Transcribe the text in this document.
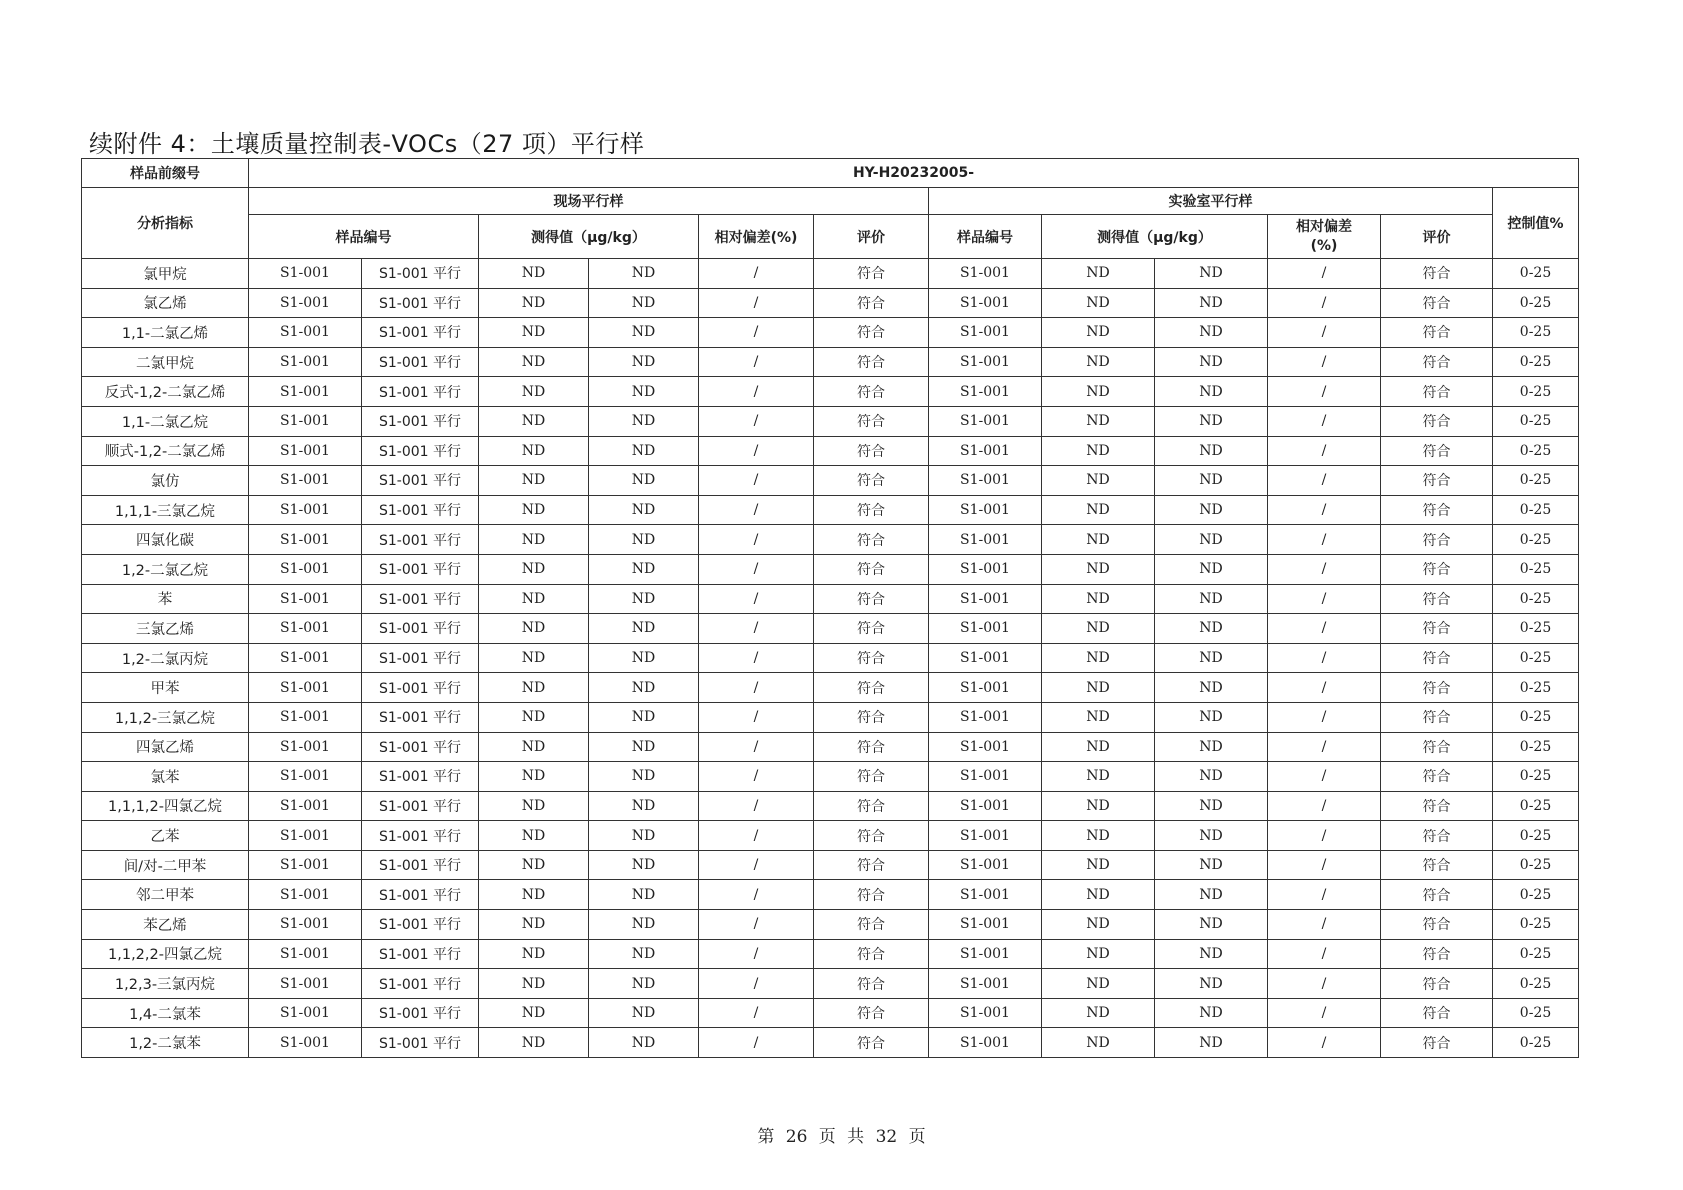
续附件 4：土壤质量控制表-VOCs（27 项）平行样
样品前缀号	HY-H20232005-											
分析指标	现场平行样						实验室平行样					控制值%
	样品编号		测得值（μg/kg）		相对偏差(%)	评价	样品编号	测得值（μg/kg）		相对偏差(%)	评价	
氯甲烷	S1-001	S1-001 平行	ND	ND	/	符合	S1-001	ND	ND	/	符合	0-25
氯乙烯	S1-001	S1-001 平行	ND	ND	/	符合	S1-001	ND	ND	/	符合	0-25
1,1-二氯乙烯	S1-001	S1-001 平行	ND	ND	/	符合	S1-001	ND	ND	/	符合	0-25
二氯甲烷	S1-001	S1-001 平行	ND	ND	/	符合	S1-001	ND	ND	/	符合	0-25
反式-1,2-二氯乙烯	S1-001	S1-001 平行	ND	ND	/	符合	S1-001	ND	ND	/	符合	0-25
1,1-二氯乙烷	S1-001	S1-001 平行	ND	ND	/	符合	S1-001	ND	ND	/	符合	0-25
顺式-1,2-二氯乙烯	S1-001	S1-001 平行	ND	ND	/	符合	S1-001	ND	ND	/	符合	0-25
氯仿	S1-001	S1-001 平行	ND	ND	/	符合	S1-001	ND	ND	/	符合	0-25
1,1,1-三氯乙烷	S1-001	S1-001 平行	ND	ND	/	符合	S1-001	ND	ND	/	符合	0-25
四氯化碳	S1-001	S1-001 平行	ND	ND	/	符合	S1-001	ND	ND	/	符合	0-25
1,2-二氯乙烷	S1-001	S1-001 平行	ND	ND	/	符合	S1-001	ND	ND	/	符合	0-25
苯	S1-001	S1-001 平行	ND	ND	/	符合	S1-001	ND	ND	/	符合	0-25
三氯乙烯	S1-001	S1-001 平行	ND	ND	/	符合	S1-001	ND	ND	/	符合	0-25
1,2-二氯丙烷	S1-001	S1-001 平行	ND	ND	/	符合	S1-001	ND	ND	/	符合	0-25
甲苯	S1-001	S1-001 平行	ND	ND	/	符合	S1-001	ND	ND	/	符合	0-25
1,1,2-三氯乙烷	S1-001	S1-001 平行	ND	ND	/	符合	S1-001	ND	ND	/	符合	0-25
四氯乙烯	S1-001	S1-001 平行	ND	ND	/	符合	S1-001	ND	ND	/	符合	0-25
氯苯	S1-001	S1-001 平行	ND	ND	/	符合	S1-001	ND	ND	/	符合	0-25
1,1,1,2-四氯乙烷	S1-001	S1-001 平行	ND	ND	/	符合	S1-001	ND	ND	/	符合	0-25
乙苯	S1-001	S1-001 平行	ND	ND	/	符合	S1-001	ND	ND	/	符合	0-25
间/对-二甲苯	S1-001	S1-001 平行	ND	ND	/	符合	S1-001	ND	ND	/	符合	0-25
邻二甲苯	S1-001	S1-001 平行	ND	ND	/	符合	S1-001	ND	ND	/	符合	0-25
苯乙烯	S1-001	S1-001 平行	ND	ND	/	符合	S1-001	ND	ND	/	符合	0-25
1,1,2,2-四氯乙烷	S1-001	S1-001 平行	ND	ND	/	符合	S1-001	ND	ND	/	符合	0-25
1,2,3-三氯丙烷	S1-001	S1-001 平行	ND	ND	/	符合	S1-001	ND	ND	/	符合	0-25
1,4-二氯苯	S1-001	S1-001 平行	ND	ND	/	符合	S1-001	ND	ND	/	符合	0-25
1,2-二氯苯	S1-001	S1-001 平行	ND	ND	/	符合	S1-001	ND	ND	/	符合	0-25
第 26 页 共 32 页
